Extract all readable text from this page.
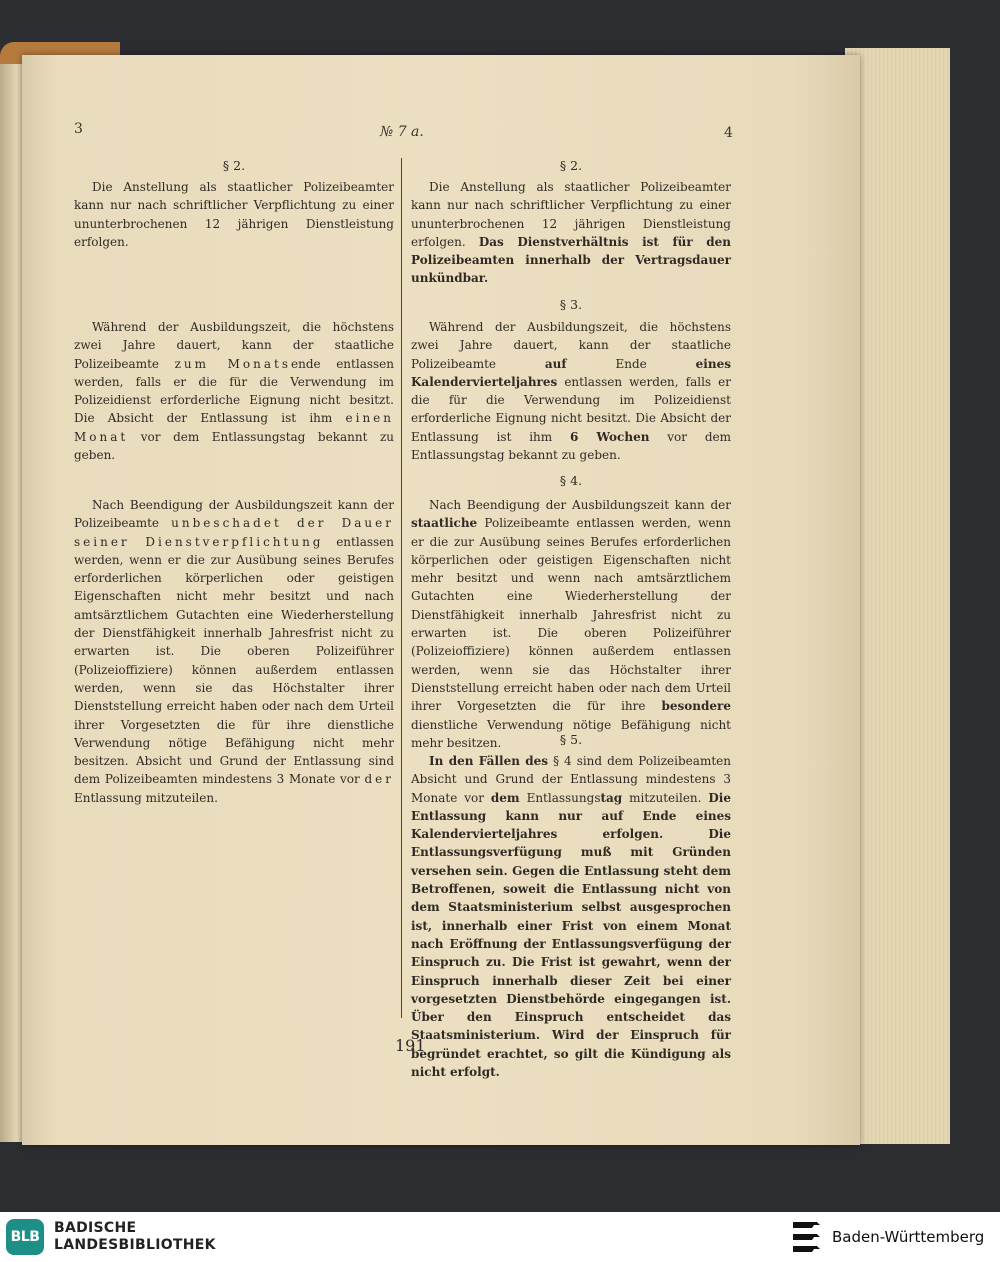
3	№ 7 a.	4
§ 2.

Die Anstellung als staatlicher Polizeibeamter kann nur nach schriftlicher Verpflichtung zu einer ununterbrochenen 12 jährigen Dienstleistung erfolgen.

Während der Ausbildungszeit, die höchstens zwei Jahre dauert, kann der staatliche Polizeibeamte zum Monatsende entlassen werden, falls er die für die Verwendung im Polizeidienst erforderliche Eignung nicht besitzt. Die Absicht der Entlassung ist ihm einen Monat vor dem Entlassungstag bekannt zu geben.

Nach Beendigung der Ausbildungszeit kann der Polizeibeamte unbeschadet der Dauer seiner Dienstverpflichtung entlassen werden, wenn er die zur Ausübung seines Berufes erforderlichen körperlichen oder geistigen Eigenschaften nicht mehr besitzt und nach amtsärztlichem Gutachten eine Wiederherstellung der Dienstfähigkeit innerhalb Jahresfrist nicht zu erwarten ist. Die oberen Polizeiführer (Polizeioffiziere) können außerdem entlassen werden, wenn sie das Höchstalter ihrer Dienststellung erreicht haben oder nach dem Urteil ihrer Vorgesetzten die für ihre dienstliche Verwendung nötige Befähigung nicht mehr besitzen. Absicht und Grund der Entlassung sind dem Polizeibeamten mindestens 3 Monate vor der Entlassung mitzuteilen.

§ 2.

Die Anstellung als staatlicher Polizeibeamter kann nur nach schriftlicher Verpflichtung zu einer ununterbrochenen 12 jährigen Dienstleistung erfolgen. Das Dienstverhältnis ist für den Polizeibeamten innerhalb der Vertragsdauer unkündbar.

§ 3.

Während der Ausbildungszeit, die höchstens zwei Jahre dauert, kann der staatliche Polizeibeamte	auf	Ende	eines Kalendervierteljahres entlassen werden, falls er die für die Verwendung im Polizeidienst erforderliche Eignung nicht besitzt. Die Absicht der Entlassung ist ihm 6 Wochen vor dem Entlassungstag bekannt zu geben.

§ 4.

Nach Beendigung der Ausbildungszeit kann der staatliche Polizeibeamte entlassen werden, wenn er die zur Ausübung seines Berufes erforderlichen körperlichen oder geistigen Eigenschaften nicht mehr besitzt und wenn nach amtsärztlichem Gutachten eine Wiederherstellung der Dienstfähigkeit innerhalb Jahresfrist nicht zu erwarten ist. Die oberen Polizeiführer (Polizeioffiziere) können außerdem entlassen werden, wenn sie das Höchstalter ihrer Dienststellung erreicht haben oder nach dem Urteil ihrer Vorgesetzten die für ihre besondere dienstliche Verwendung nötige Befähigung nicht mehr besitzen.	§ 5.

In den Fällen des § 4 sind dem Polizeibeamten Absicht und Grund der Entlassung mindestens 3 Monate vor dem Entlassungstag mitzuteilen. Die Entlassung kann nur auf Ende eines Kalendervierteljahres erfolgen. Die Entlassungsverfügung muß mit Gründen versehen sein. Gegen die Entlassung steht dem Betroffenen, soweit die Entlassung nicht von dem Staatsministerium selbst ausgesprochen ist, innerhalb einer Frist von einem Monat nach Eröffnung der Entlassungsverfügung der Einspruch zu. Die Frist ist gewahrt, wenn der Einspruch innerhalb dieser Zeit bei einer vorgesetzten Dienstbehörde eingegangen ist. Über den Einspruch entscheidet das Staatsministerium. Wird der Einspruch für begründet erachtet, so gilt die Kündigung als nicht erfolgt.

191
BLB
BADISCHE
LANDESBIBLIOTHEK	Baden-Württemberg
